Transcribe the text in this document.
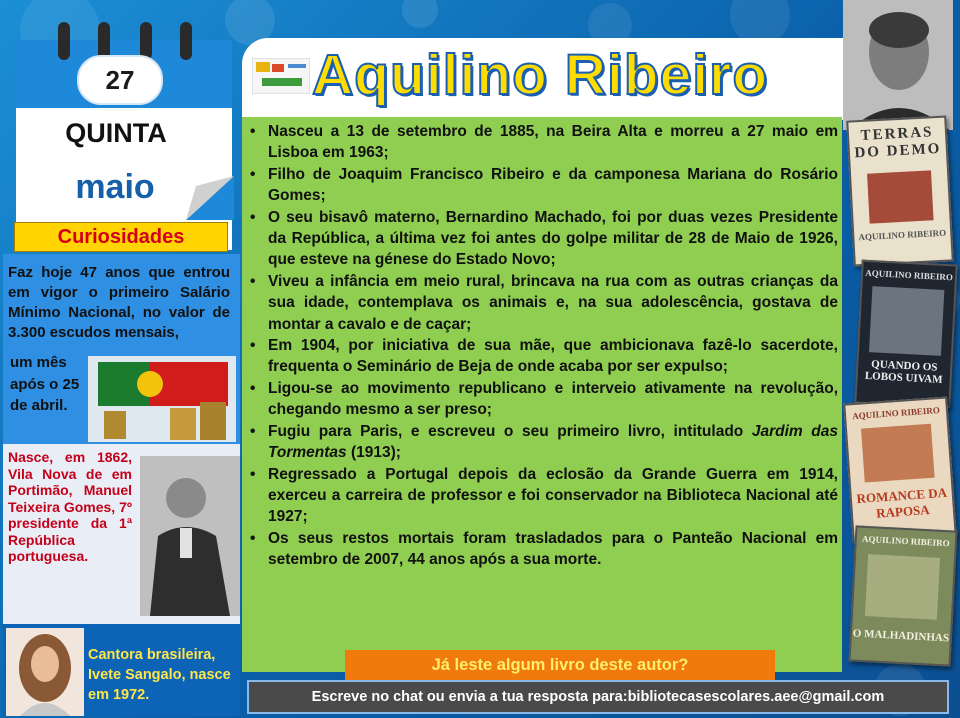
27
QUINTA
maio
Curiosidades
Faz hoje 47 anos que entrou em vigor o primeiro Salário Mínimo Nacional, no valor de 3.300 escudos mensais,
um mês após o 25 de abril.
Nasce, em 1862, Vila Nova de em Portimão, Manuel Teixeira Gomes, 7º presidente da 1ª República portuguesa.
Cantora brasileira, Ivete Sangalo, nasce em 1972.
Aquilino Ribeiro
• Nasceu a 13 de setembro de 1885, na Beira Alta e morreu a 27 maio em Lisboa em 1963;
• Filho de Joaquim Francisco Ribeiro e da camponesa Mariana do Rosário Gomes;
• O seu bisavô materno, Bernardino Machado, foi por duas vezes Presidente da República, a última vez foi antes do golpe militar de 28 de Maio de 1926, que esteve na génese do Estado Novo;
• Viveu a infância em meio rural, brincava na rua com as outras crianças da sua idade, contemplava os animais e, na sua adolescência, gostava de montar a cavalo e de caçar;
• Em 1904, por iniciativa de sua mãe, que ambicionava fazê-lo sacerdote, frequenta o Seminário de Beja de onde acaba por ser expulso;
• Ligou-se ao movimento republicano e interveio ativamente na revolução, chegando mesmo a ser preso;
• Fugiu para Paris, e escreveu o seu primeiro livro, intitulado Jardim das Tormentas (1913);
• Regressado a Portugal depois da eclosão da Grande Guerra em 1914, exerceu a carreira de professor e foi conservador na Biblioteca Nacional até 1927;
• Os seus restos mortais foram trasladados para o Panteão Nacional em setembro de 2007, 44 anos após a sua morte.
TERRAS DO DEMO
AQUILINO RIBEIRO
AQUILINO RIBEIRO
QUANDO OS LOBOS UIVAM
AQUILINO RIBEIRO
ROMANCE DA RAPOSA
AQUILINO RIBEIRO
O MALHADINHAS
Já leste algum livro deste autor?
Escreve no chat ou envia a tua resposta para:bibliotecasescolares.aee@gmail.com
